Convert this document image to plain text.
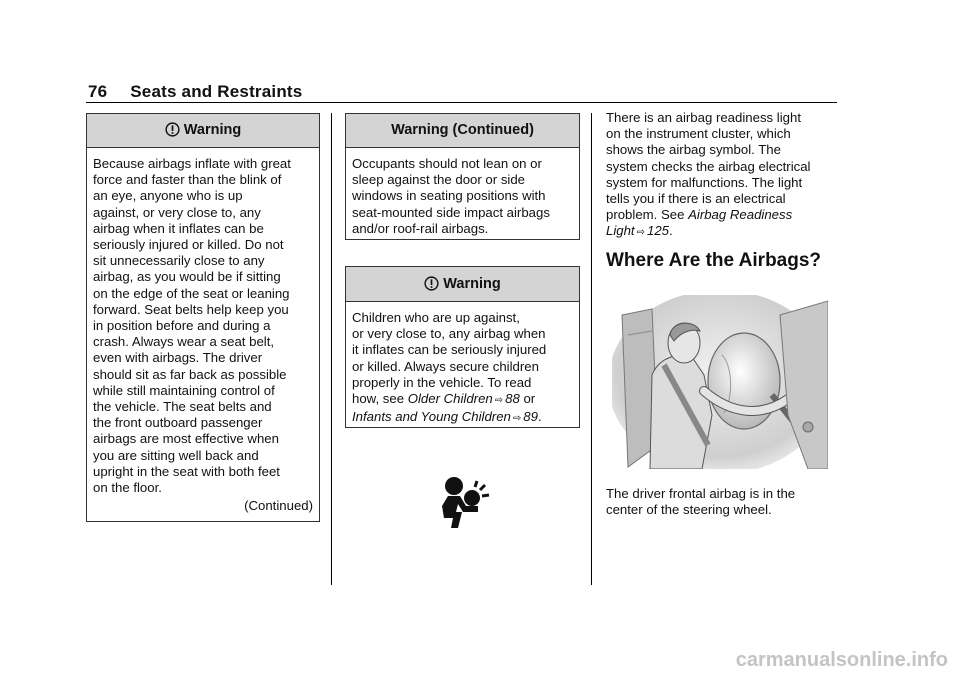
76 Seats and Restraints
Warning

Because airbags inflate with great
force and faster than the blink of
an eye, anyone who is up
against, or very close to, any
airbag when it inflates can be
seriously injured or killed. Do not
sit unnecessarily close to any
airbag, as you would be if sitting
on the edge of the seat or leaning
forward. Seat belts help keep you
in position before and during a
crash. Always wear a seat belt,
even with airbags. The driver
should sit as far back as possible
while still maintaining control of
the vehicle. The seat belts and
the front outboard passenger
airbags are most effective when
you are sitting well back and
upright in the seat with both feet
on the floor.

(Continued)
Warning (Continued)

Occupants should not lean on or
sleep against the door or side
windows in seating positions with
seat-mounted side impact airbags
and/or roof-rail airbags.

Warning
Children who are up against,
or very close to, any airbag when
it inflates can be seriously injured
or killed. Always secure children
properly in the vehicle. To read
how, see Older Children ⇨ 88 or
Infants and Young Children ⇨ 89.
There is an airbag readiness light
on the instrument cluster, which
shows the airbag symbol. The
system checks the airbag electrical
system for malfunctions. The light
tells you if there is an electrical
problem. See Airbag Readiness
Light ⇨ 125.
Where Are the Airbags?

The driver frontal airbag is in the
center of the steering wheel.

carmanualsonline.info
